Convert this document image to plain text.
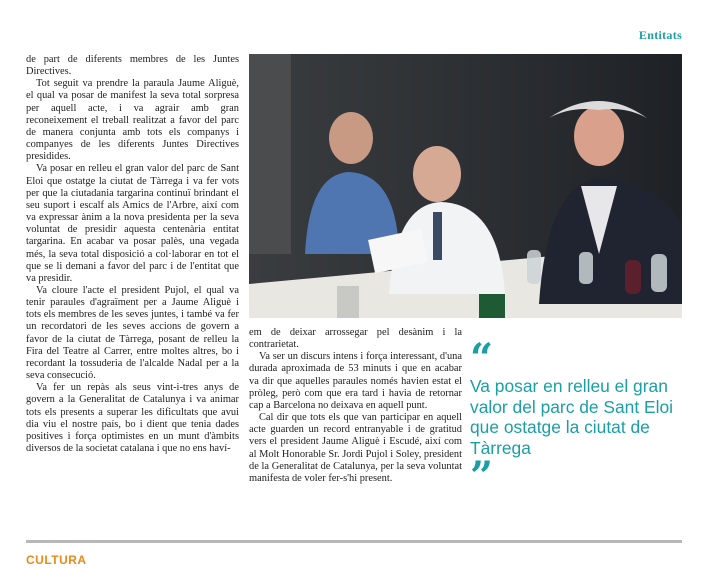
Entitats

de part de diferents membres de les Juntes Directives.

Tot seguit va prendre la paraula Jaume Aliguè, el qual va posar de manifest la seva total sorpresa per aquell acte, i va agrair amb gran reconeixement el treball realitzat a favor del parc de manera conjunta amb tots els companys i companyes de les diferents Juntes Directives presidides.

Va posar en relleu el gran valor del parc de Sant Eloi que ostatge la ciutat de Tàrrega i va fer vots per que la ciutadania targarina continuï brindant el seu suport i escalf als Amics de l'Arbre, així com va expressar ànim a la nova presidenta per la seva voluntat de presidir aquesta centenària entitat targarina. En acabar va posar palès, una vegada més, la seva total disposició a col·laborar en tot el que se li demani a favor del parc i de l'entitat que va presidir.

Va cloure l'acte el president Pujol, el qual va tenir paraules d'agraïment per a Jaume Aliguè i tots els membres de les seves juntes, i també va fer un recordatori de les seves accions de govern a favor de la ciutat de Tàrrega, posant de relleu la Fira del Teatre al Carrer, entre moltes altres, bo i recordant la tossuderia de l'alcalde Nadal per a la seva consecució.

Va fer un repàs als seus vint-i-tres anys de govern a la Generalitat de Catalunya i va animar tots els presents a superar les dificultats que avui dia viu el nostre país, bo i dient que tenia dades positives i força optimistes en un munt d'àmbits diversos de la societat catalana i que no ens haví-

em de deixar arrossegar pel desànim i la contrarietat.

Va ser un discurs intens i força interessant, d'una durada aproximada de 53 minuts i que en acabar va dir que aquelles paraules només havien estat el pròleg, però com que era tard i havia de retornar cap a Barcelona no deixava en aquell punt.

Cal dir que tots els que van participar en aquell acte guarden un record entranyable i de gratitud vers el president Jaume Aliguè i Escudé, així com al Molt Honorable Sr. Jordi Pujol i Soley, president de la Generalitat de Catalunya, per la seva voluntat manifesta de voler fer-s'hi present.

“

Va posar en relleu el gran valor del parc de Sant Eloi que ostatge la ciutat de Tàrrega

”
CULTURA
